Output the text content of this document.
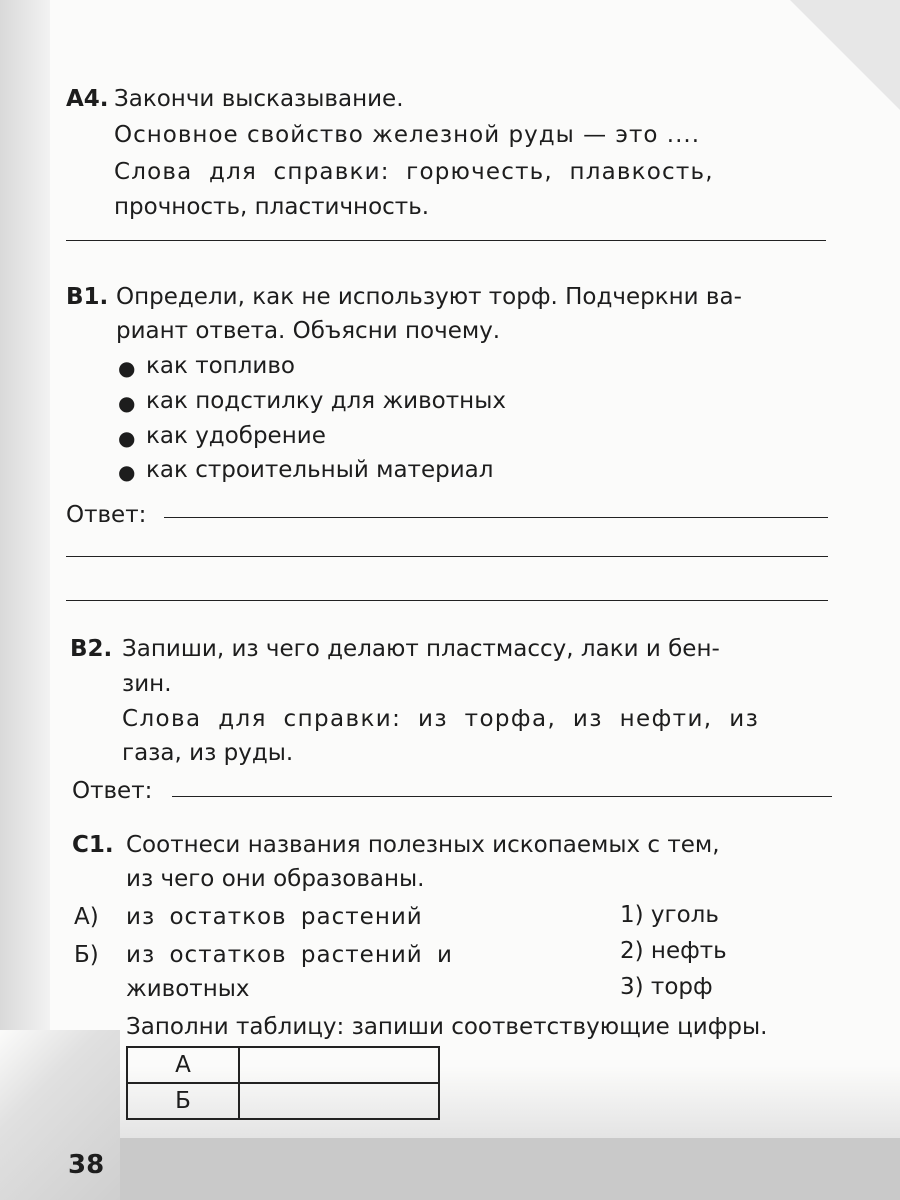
А4. Закончи высказывание.
Основное свойство железной руды — это ....
Слова для справки: горючесть, плавкость,
прочность, пластичность.
В1. Определи, как не используют торф. Подчеркни ва-
риант ответа. Объясни почему.
● как топливо
● как подстилку для животных
● как удобрение
● как строительный материал
Ответ:
В2. Запиши, из чего делают пластмассу, лаки и бен-
зин.
Слова для справки: из торфа, из нефти, из
газа, из руды.
Ответ:
С1. Соотнеси названия полезных ископаемых с тем,
из чего они образованы.
А) из остатков растений
Б) из остатков растений и
животных
1) уголь
2) нефть
3) торф
Заполни таблицу: запиши соответствующие цифры.
А	
Б	
38
